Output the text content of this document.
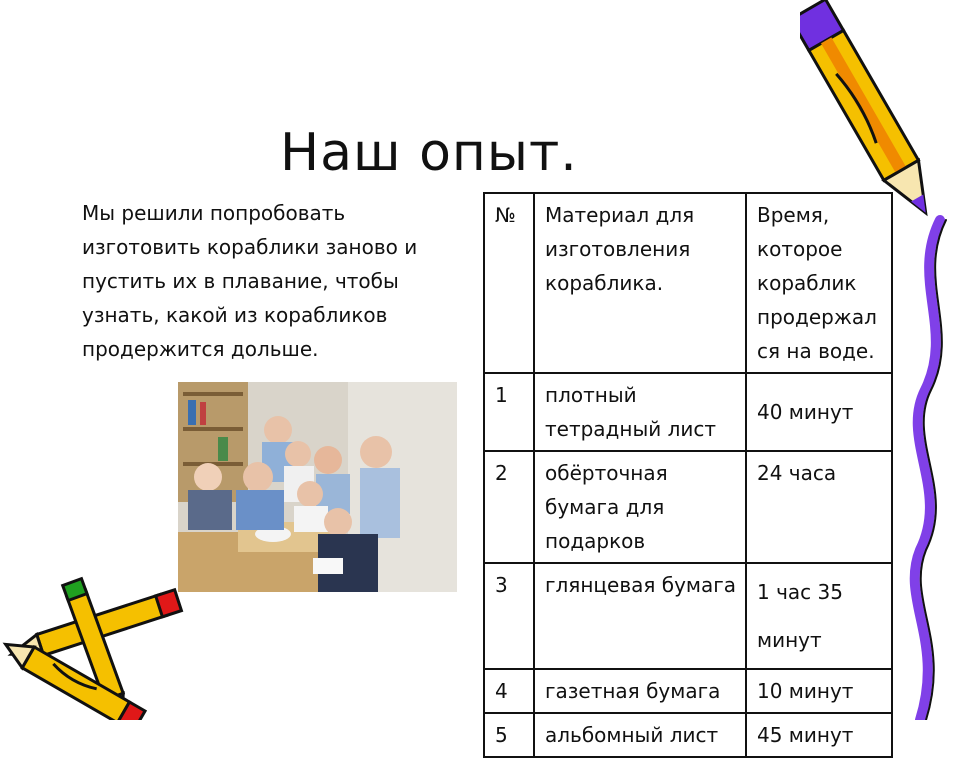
Наш опыт.
Мы решили попробовать изготовить кораблики заново и пустить их в плавание, чтобы узнать, какой из корабликов продержится дольше.
№	Материал для изготовления кораблика.	Время, которое кораблик продержал ся на воде.
1	плотный тетрадный лист	40 минут
2	обёрточная бумага для подарков	24 часа
3	глянцевая бумага	1 час 35 минут
4	газетная бумага	10 минут
5	альбомный лист	45 минут
